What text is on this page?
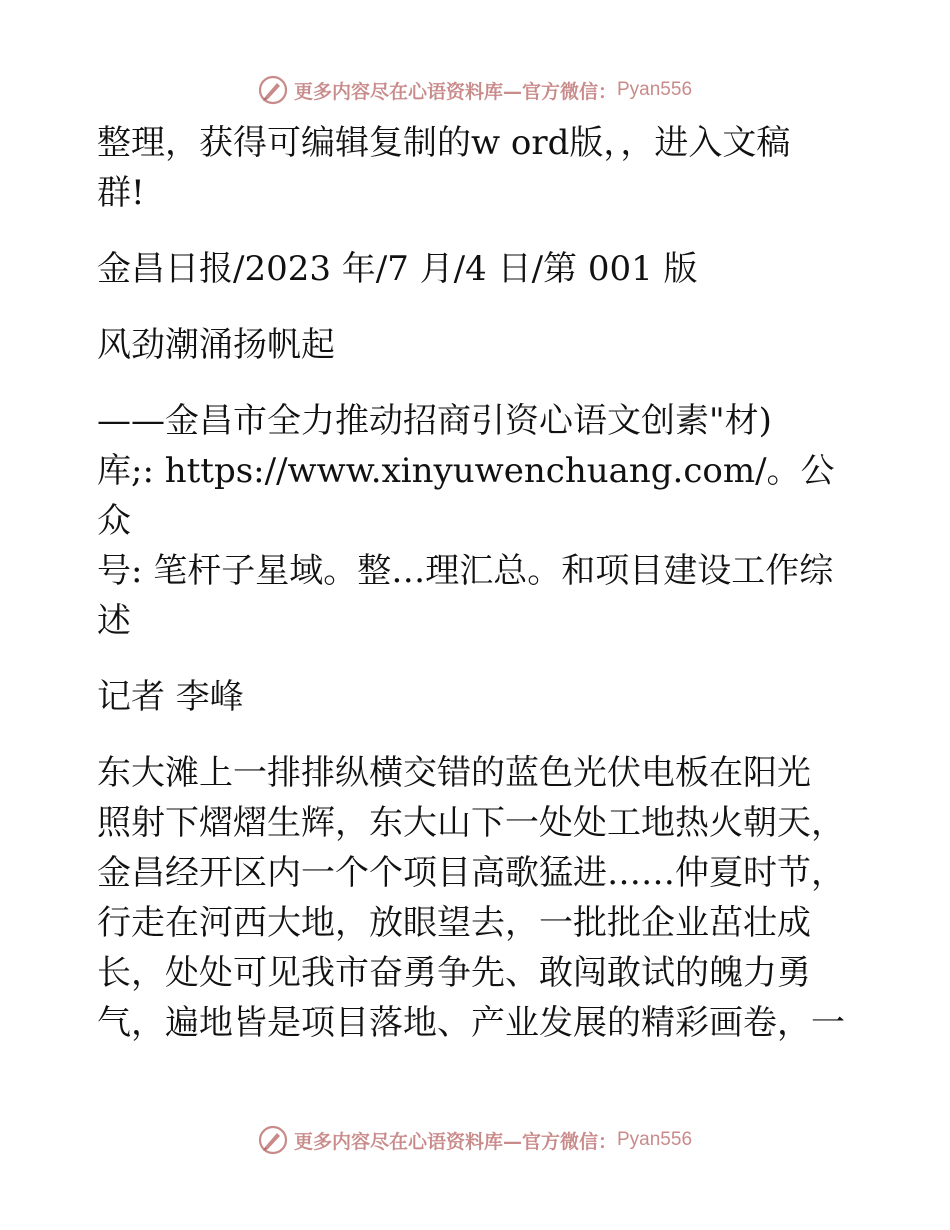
更多内容尽在心语资料库—官方微信： Pyan556

整理，获得可编辑复制的w ord版，，进入文稿

群!

金昌日报/2023 年/7 月/4 日/第 001 版

风劲潮涌扬帆起

——金昌市全力推动招商引资心语文创素"材)

库;: https://www.xinyuwenchuang.com/。公众

号: 笔杆子星域。整…理汇总。和项目建设工作综

述

记者 李峰

东大滩上一排排纵横交错的蓝色光伏电板在阳光

照射下熠熠生辉，东大山下一处处工地热火朝天，

金昌经开区内一个个项目高歌猛进……仲夏时节，

行走在河西大地，放眼望去，一批批企业茁壮成

长，处处可见我市奋勇争先、敢闯敢试的魄力勇

气，遍地皆是项目落地、产业发展的精彩画卷，一

更多内容尽在心语资料库—官方微信： Pyan556
